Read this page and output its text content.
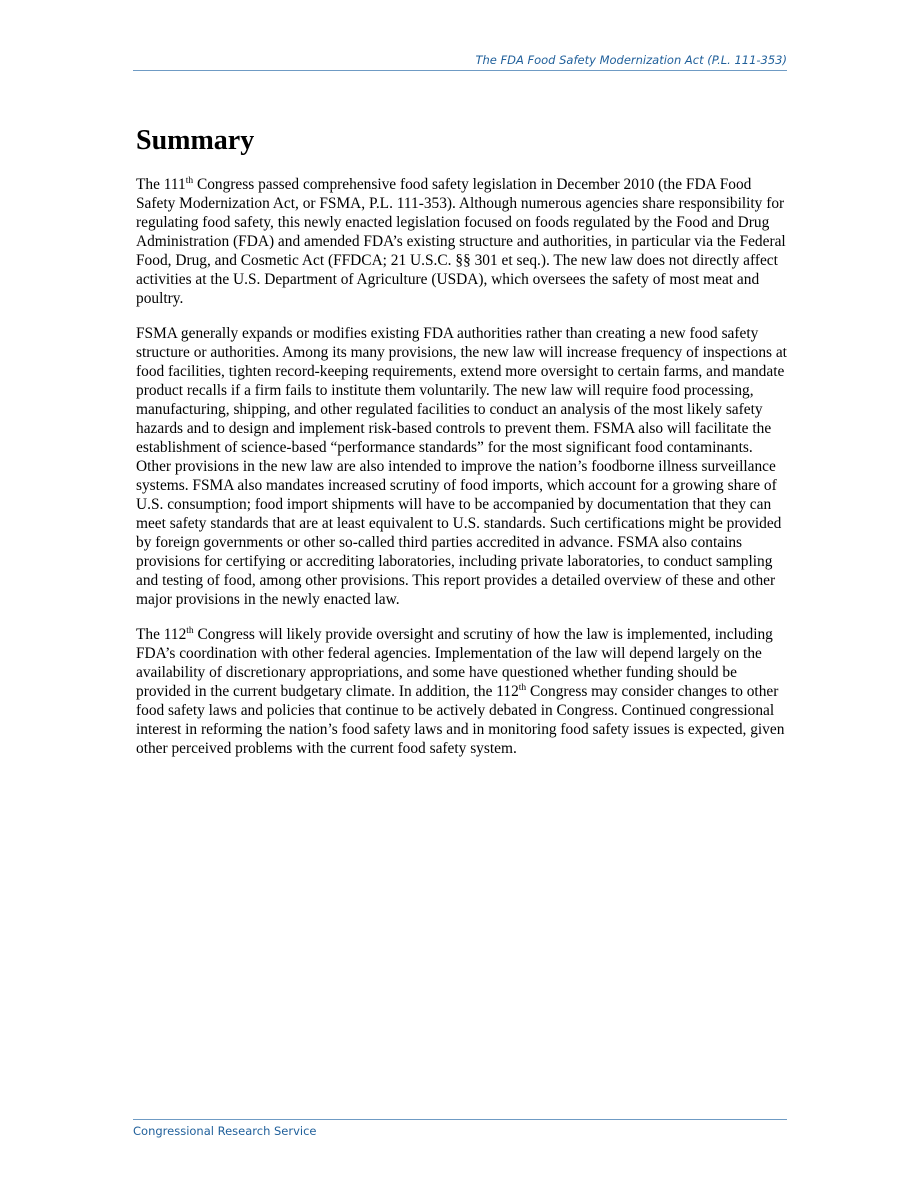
The FDA Food Safety Modernization Act (P.L. 111-353)
Summary

The 111th Congress passed comprehensive food safety legislation in December 2010 (the FDA Food Safety Modernization Act, or FSMA, P.L. 111-353). Although numerous agencies share responsibility for regulating food safety, this newly enacted legislation focused on foods regulated by the Food and Drug Administration (FDA) and amended FDA’s existing structure and authorities, in particular via the Federal Food, Drug, and Cosmetic Act (FFDCA; 21 U.S.C. §§ 301 et seq.). The new law does not directly affect activities at the U.S. Department of Agriculture (USDA), which oversees the safety of most meat and poultry.

FSMA generally expands or modifies existing FDA authorities rather than creating a new food safety structure or authorities. Among its many provisions, the new law will increase frequency of inspections at food facilities, tighten record-keeping requirements, extend more oversight to certain farms, and mandate product recalls if a firm fails to institute them voluntarily. The new law will require food processing, manufacturing, shipping, and other regulated facilities to conduct an analysis of the most likely safety hazards and to design and implement risk-based controls to prevent them. FSMA also will facilitate the establishment of science-based “performance standards” for the most significant food contaminants. Other provisions in the new law are also intended to improve the nation’s foodborne illness surveillance systems. FSMA also mandates increased scrutiny of food imports, which account for a growing share of U.S. consumption; food import shipments will have to be accompanied by documentation that they can meet safety standards that are at least equivalent to U.S. standards. Such certifications might be provided by foreign governments or other so-called third parties accredited in advance. FSMA also contains provisions for certifying or accrediting laboratories, including private laboratories, to conduct sampling and testing of food, among other provisions. This report provides a detailed overview of these and other major provisions in the newly enacted law.

The 112th Congress will likely provide oversight and scrutiny of how the law is implemented, including FDA’s coordination with other federal agencies. Implementation of the law will depend largely on the availability of discretionary appropriations, and some have questioned whether funding should be provided in the current budgetary climate. In addition, the 112th Congress may consider changes to other food safety laws and policies that continue to be actively debated in Congress. Continued congressional interest in reforming the nation’s food safety laws and in monitoring food safety issues is expected, given other perceived problems with the current food safety system.

Congressional Research Service
